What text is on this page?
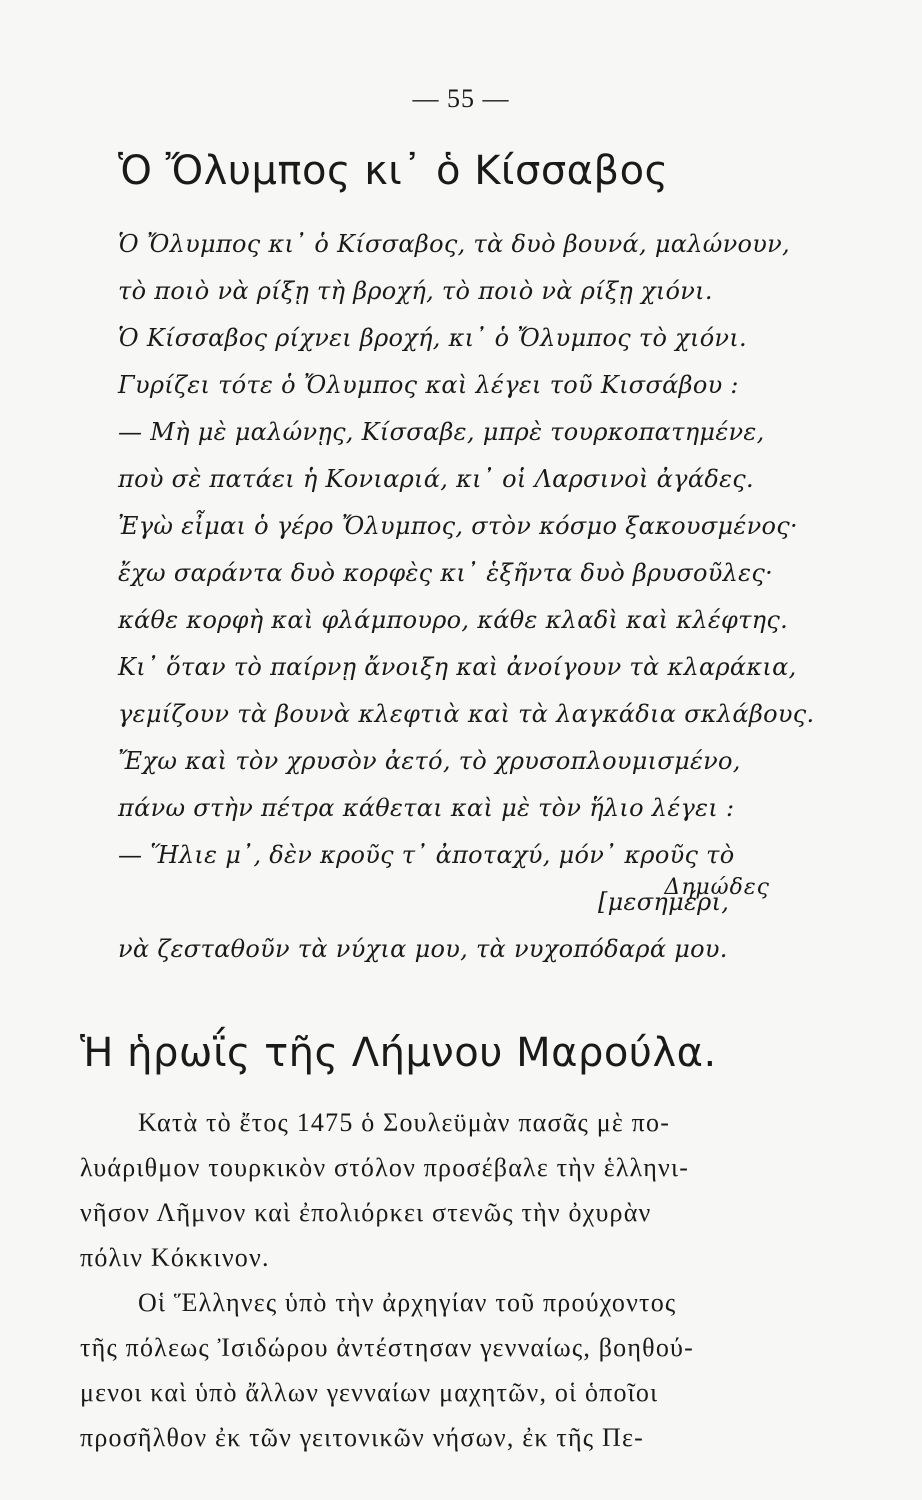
— 55 —
Ὁ Ὄλυμπος κι᾽ ὁ Κίσσαβος
Ὁ Ὄλυμπος κι᾽ ὁ Κίσσαβος, τὰ δυὸ βουνά, μαλώνουν,
τὸ ποιὸ νὰ ρίξῃ τὴ βροχή, τὸ ποιὸ νὰ ρίξῃ χιόνι.
Ὁ Κίσσαβος ρίχνει βροχή, κι᾽ ὁ Ὄλυμπος τὸ χιόνι.
Γυρίζει τότε ὁ Ὄλυμπος καὶ λέγει τοῦ Κισσάβου :
— Μὴ μὲ μαλώνῃς, Κίσσαβε, μπρὲ τουρκοπατημένε,
ποὺ σὲ πατάει ἡ Κονιαριά, κι᾽ οἱ Λαρσινοὶ ἀγάδες.
Ἐγὼ εἶμαι ὁ γέρο Ὄλυμπος, στὸν κόσμο ξακουσμένος·
ἔχω σαράντα δυὸ κορφὲς κι᾽ ἑξῆντα δυὸ βρυσοῦλες·
κάθε κορφὴ καὶ φλάμπουρο, κάθε κλαδὶ καὶ κλέφτης.
Κι᾽ ὅταν τὸ παίρνῃ ἄνοιξη καὶ ἀνοίγουν τὰ κλαράκια,
γεμίζουν τὰ βουνὰ κλεφτιὰ καὶ τὰ λαγκάδια σκλάβους.
Ἔχω καὶ τὸν χρυσὸν ἀετό, τὸ χρυσοπλουμισμένο,
πάνω στὴν πέτρα κάθεται καὶ μὲ τὸν ἥλιο λέγει :
— Ἥλιε μ᾽, δὲν κροῦς τ᾽ ἀποταχύ, μόν᾽ κροῦς τὸ
[μεσημέρι,
νὰ ζεσταθοῦν τὰ νύχια μου, τὰ νυχοπόδαρά μου.
Δημώδες
Ἡ ἡρωΐς τῆς Λήμνου Μαρούλα.
Κατὰ τὸ ἔτος 1475 ὁ Σουλεϋμὰν πασᾶς μὲ πο-
λυάριθμον τουρκικὸν στόλον προσέβαλε τὴν ἑλληνι-
νῆσον Λῆμνον καὶ ἐπολιόρκει στενῶς τὴν ὀχυρὰν
πόλιν Κόκκινον.
Οἱ Ἕλληνες ὑπὸ τὴν ἀρχηγίαν τοῦ προύχοντος
τῆς πόλεως Ἰσιδώρου ἀντέστησαν γενναίως, βοηθού-
μενοι καὶ ὑπὸ ἄλλων γενναίων μαχητῶν, οἱ ὁποῖοι
προσῆλθον ἐκ τῶν γειτονικῶν νήσων, ἐκ τῆς Πε-
